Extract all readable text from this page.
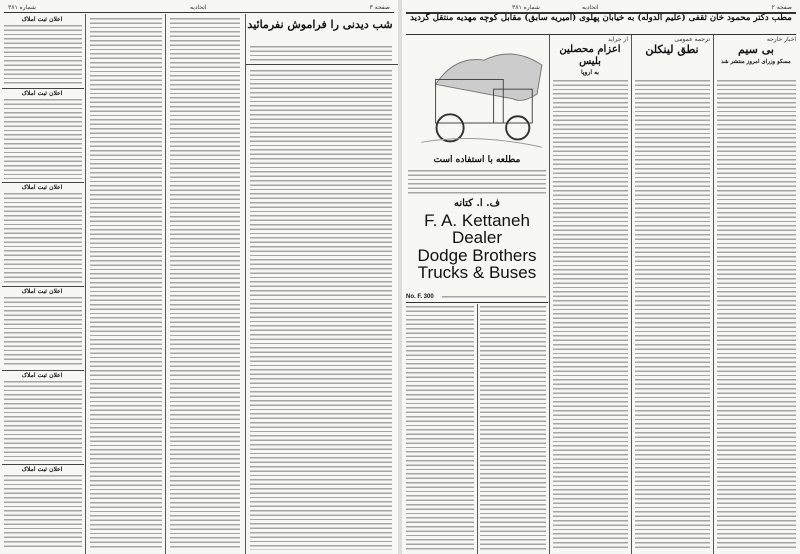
صفحه ۳
اتحادیه
شماره ۳۸۱
شب دیدنی را فراموش نفرمائید
اعلان ثبت املاک
اعلان ثبت املاک
اعلان ثبت املاک
اعلان ثبت املاک
اعلان ثبت املاک
اعلان ثبت املاک
صفحه ۲
اتحادیه
شماره ۳۸۱
مطب دکتر محمود خان ثقفی (علیم الدوله) به خیابان پهلوی (امیریه سابق) مقابل کوچه مهدیه منتقل گردید
مطلعه با استفاده است
ف. ا. کتانه
F. A. Kettaneh
Dealer
Dodge Brothers
Trucks & Buses
No. F. 300
از جراید
اعزام محصلین بلیس
به اروپا
ترجمه عمومی
نطق لینکلن
اخبار خارجه
بی سیم
مسکو وزرای امروز منتشر شد
